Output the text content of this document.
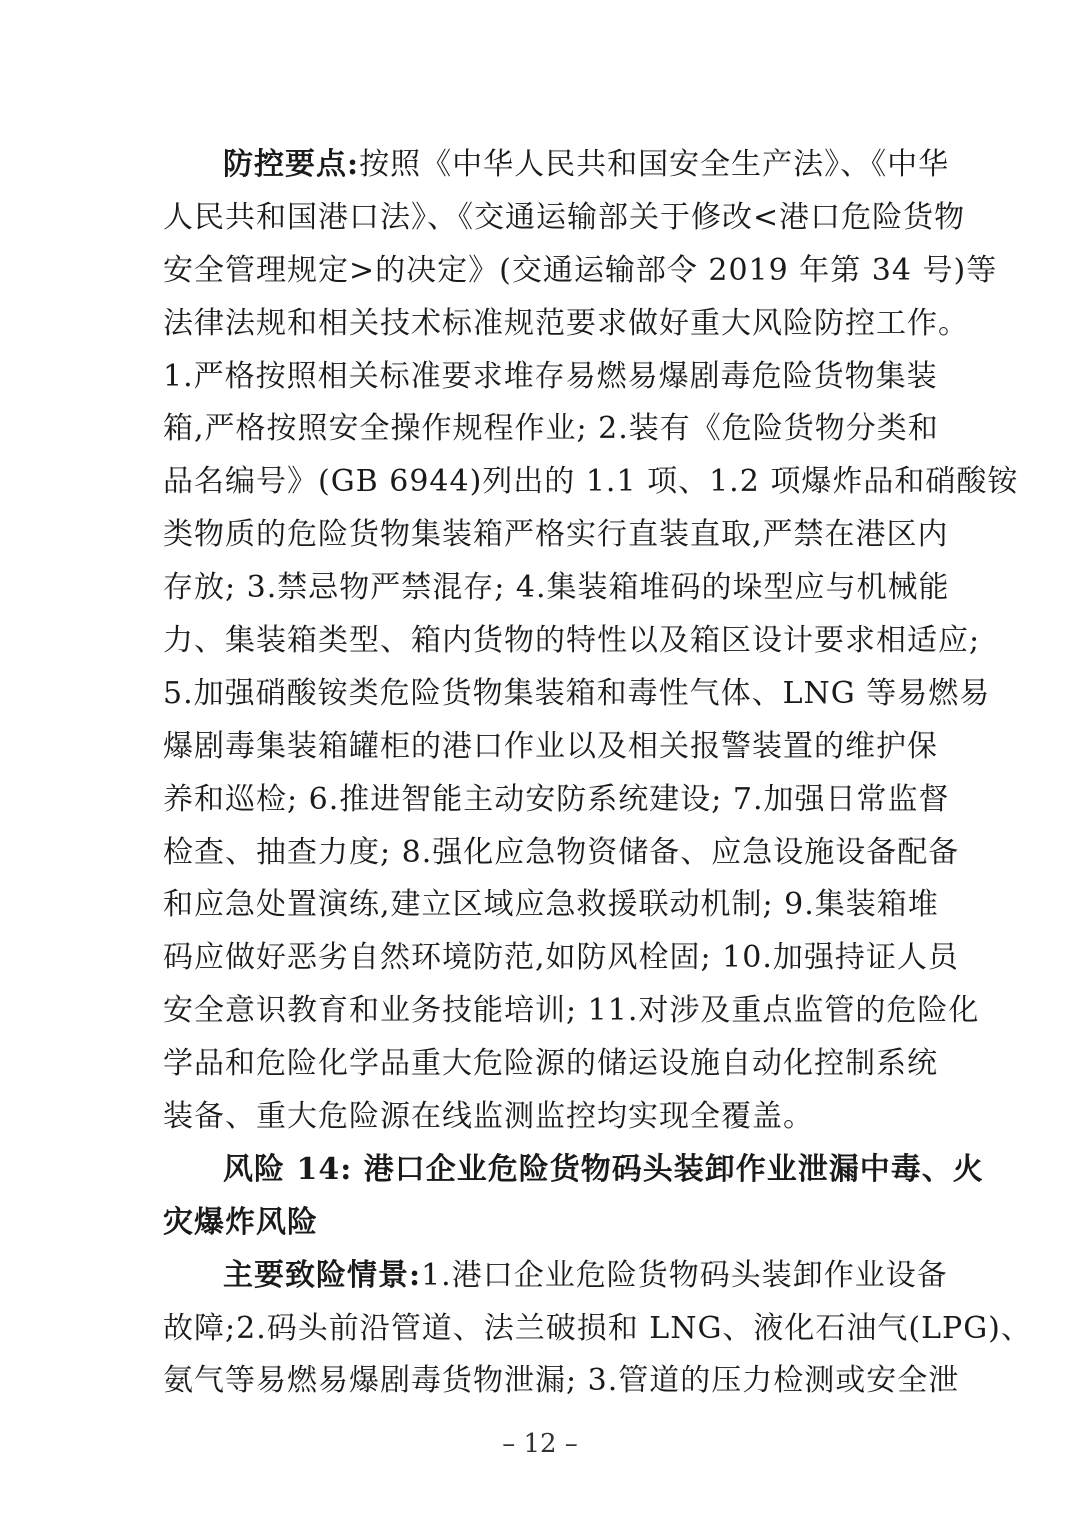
防控要点:按照《中华人民共和国安全生产法》、《中华
人民共和国港口法》、《交通运输部关于修改<港口危险货物
安全管理规定>的决定》(交通运输部令 2019 年第 34 号)等
法律法规和相关技术标准规范要求做好重大风险防控工作。
1.严格按照相关标准要求堆存易燃易爆剧毒危险货物集装
箱,严格按照安全操作规程作业; 2.装有《危险货物分类和
品名编号》(GB 6944)列出的 1.1 项、1.2 项爆炸品和硝酸铵
类物质的危险货物集装箱严格实行直装直取,严禁在港区内
存放; 3.禁忌物严禁混存; 4.集装箱堆码的垛型应与机械能
力、集装箱类型、箱内货物的特性以及箱区设计要求相适应;
5.加强硝酸铵类危险货物集装箱和毒性气体、LNG 等易燃易
爆剧毒集装箱罐柜的港口作业以及相关报警装置的维护保
养和巡检; 6.推进智能主动安防系统建设; 7.加强日常监督
检查、抽查力度; 8.强化应急物资储备、应急设施设备配备
和应急处置演练,建立区域应急救援联动机制; 9.集装箱堆
码应做好恶劣自然环境防范,如防风栓固; 10.加强持证人员
安全意识教育和业务技能培训; 11.对涉及重点监管的危险化
学品和危险化学品重大危险源的储运设施自动化控制系统
装备、重大危险源在线监测监控均实现全覆盖。
风险 14: 港口企业危险货物码头装卸作业泄漏中毒、火
灾爆炸风险
主要致险情景:1.港口企业危险货物码头装卸作业设备
故障;2.码头前沿管道、法兰破损和 LNG、液化石油气(LPG)、
氨气等易燃易爆剧毒货物泄漏; 3.管道的压力检测或安全泄
– 12 –
